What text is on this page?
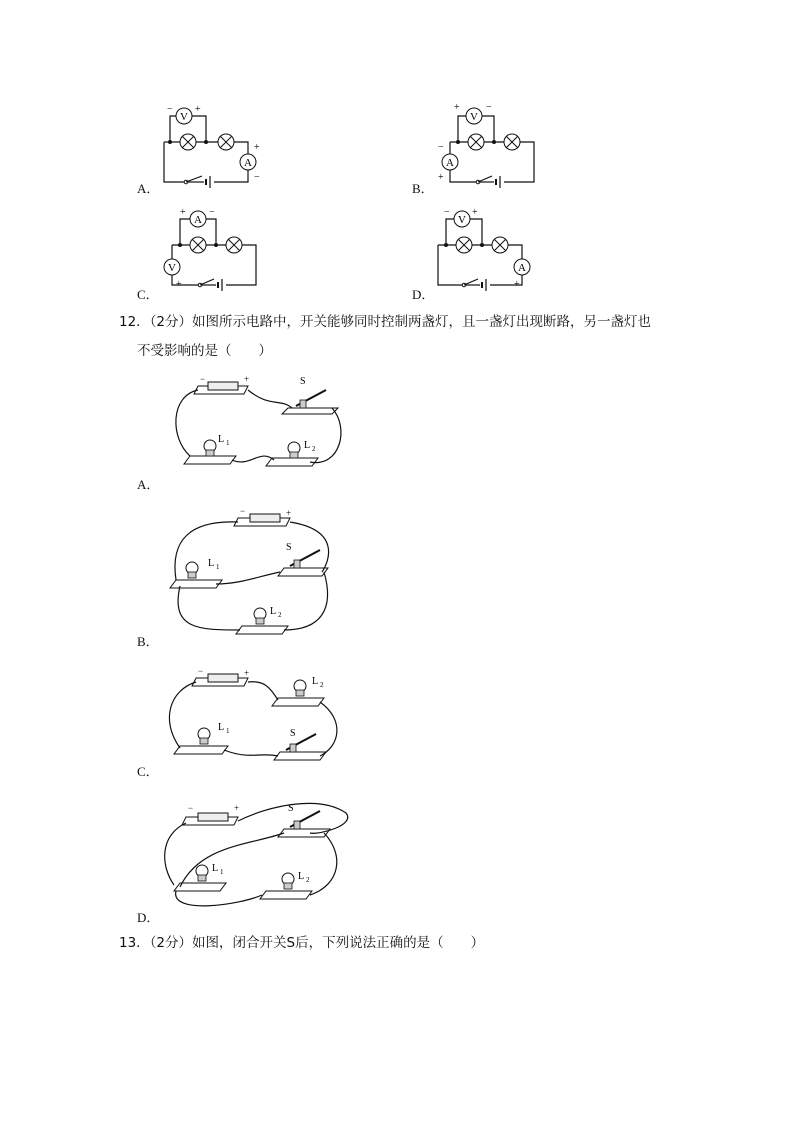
V
− +
A
+
−
A．
V
+	−
A
−
+
B．
A
+ −
V
+
C．
V
− +
A
+
D．
12．（2分）如图所示电路中，开关能够同时控制两盏灯，且一盏灯出现断路，另一盏灯也
不受影响的是（　　）
−	+	S
L 1	L 2
A．
−	+
S
L 1
L 2
B．
−	+
L 2
L 1	S
C．
−	+	S
L 1	L 2
D．
13．（2分）如图，闭合开关S后，下列说法正确的是（　　）
